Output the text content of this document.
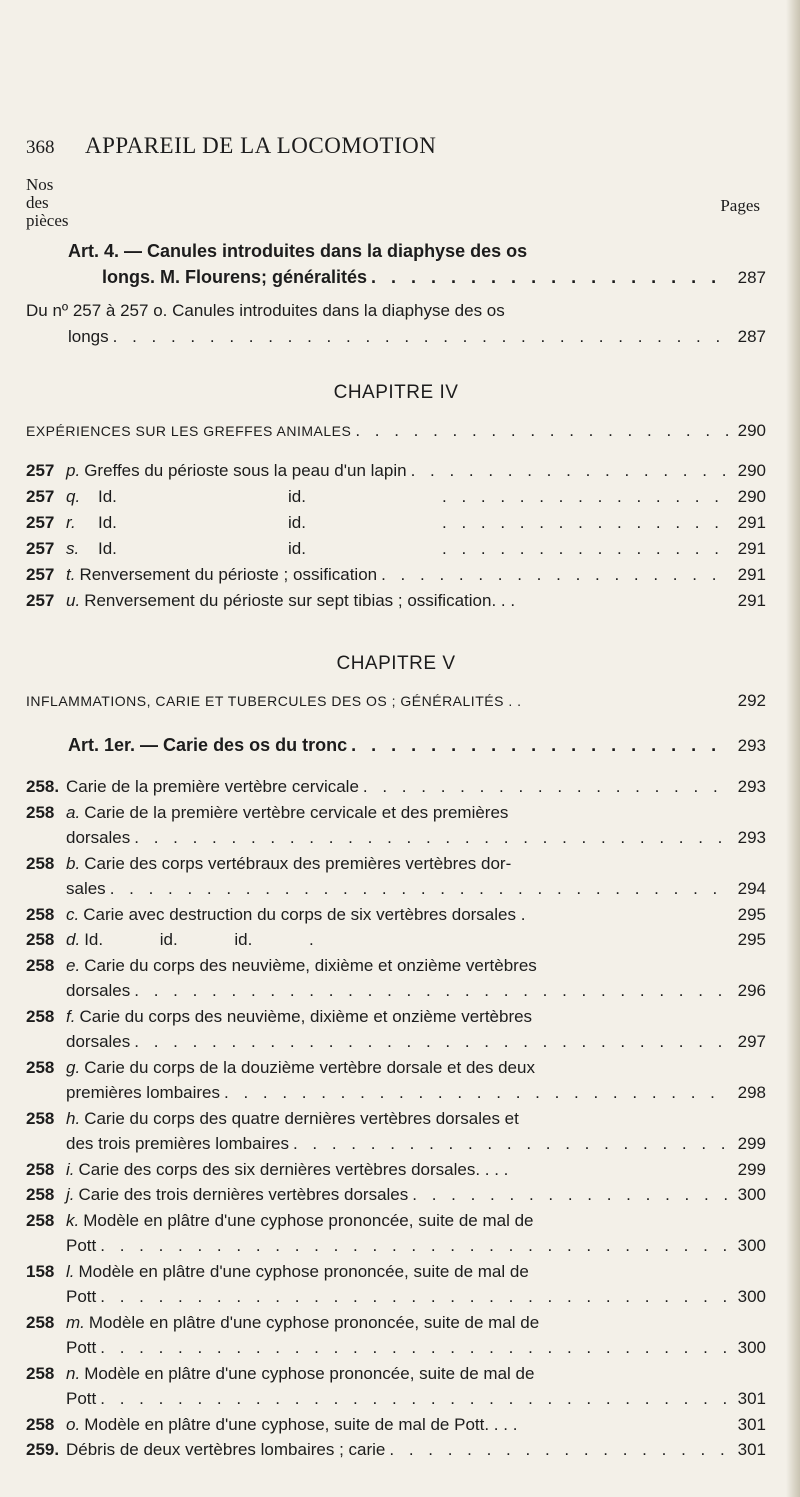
368 APPAREIL DE LA LOCOMOTION
Nos
des
pièces
Pages
Art. 4. — Canules introduites dans la diaphyse des os
longs. M. Flourens; généralités . . .	287
Du nº 257 à 257 o. Canules introduites dans la diaphyse des os
longs . . .	287
CHAPITRE IV
EXPÉRIENCES SUR LES GREFFES ANIMALES . . .	290
257 p. Greffes du périoste sous la peau d'un lapin . . .	290
257 q.	Id.	id. . . .	290
257 r.	Id.	id. . . .	291
257 s.	Id.	id. . . .	291
257 t. Renversement du périoste ; ossification . . .	291
257 u. Renversement du périoste sur sept tibias ; ossification. . .	291
CHAPITRE V
INFLAMMATIONS, CARIE ET TUBERCULES DES OS ; GÉNÉRALITÉS . .	292
Art. 1er. — Carie des os du tronc . . .	293
258. Carie de la première vertèbre cervicale . . .	293
258 a. Carie de la première vertèbre cervicale et des premières
dorsales . . .	293
258 b. Carie des corps vertébraux des premières vertèbres dor-
sales . . .	294
258 c. Carie avec destruction du corps de six vertèbres dorsales .	295
258 d. Id.            id.            id.            .	295
258 e. Carie du corps des neuvième, dixième et onzième vertèbres
dorsales . . .	296
258 f. Carie du corps des neuvième, dixième et onzième vertèbres
dorsales . . .	297
258 g. Carie du corps de la douzième vertèbre dorsale et des deux
premières lombaires . . .	298
258 h. Carie du corps des quatre dernières vertèbres dorsales et
des trois premières lombaires . . .	299
258 i. Carie des corps des six dernières vertèbres dorsales. . . .	299
258 j. Carie des trois dernières vertèbres dorsales . . .	300
258 k. Modèle en plâtre d'une cyphose prononcée, suite de mal de
Pott . . .	300
158 l. Modèle en plâtre d'une cyphose prononcée, suite de mal de
Pott . . .	300
258 m. Modèle en plâtre d'une cyphose prononcée, suite de mal de
Pott . . .	300
258 n. Modèle en plâtre d'une cyphose prononcée, suite de mal de
Pott . . .	301
258 o. Modèle en plâtre d'une cyphose, suite de mal de Pott. . . .	301
259. Débris de deux vertèbres lombaires ; carie . . .	301
